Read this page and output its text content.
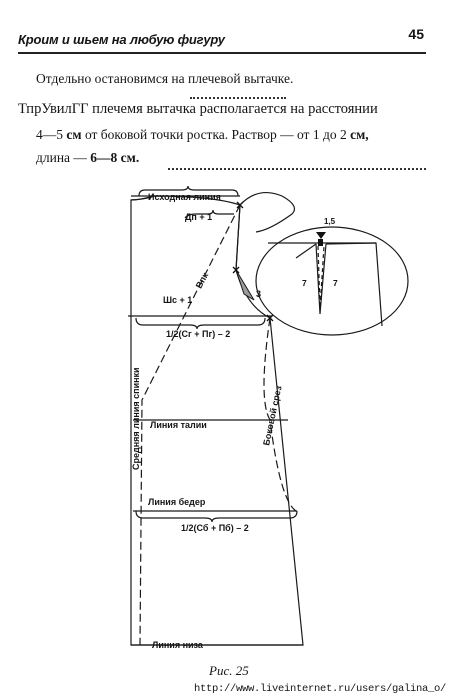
Кроим и шьем на любую фигуру	45
Отдельно остановимся на плечевой вытачке.
ТпрУвилГГ плечемя вытачка располагается на расстоянии
4—5 см от боковой точки ростка. Раствор — от 1 до 2 см,
длина — 6—8 см.
Исходная линия
Дп + 1
Впк
3
Шс + 1
1/2(Сг + Пг) – 2
Линия талии
Линия бедер
1/2(Сб + Пб) – 2
Линия низа
Средняя линия спинки	Боковой срез
1,5
7	7
Рис. 25
http://www.liveinternet.ru/users/galina_o/
